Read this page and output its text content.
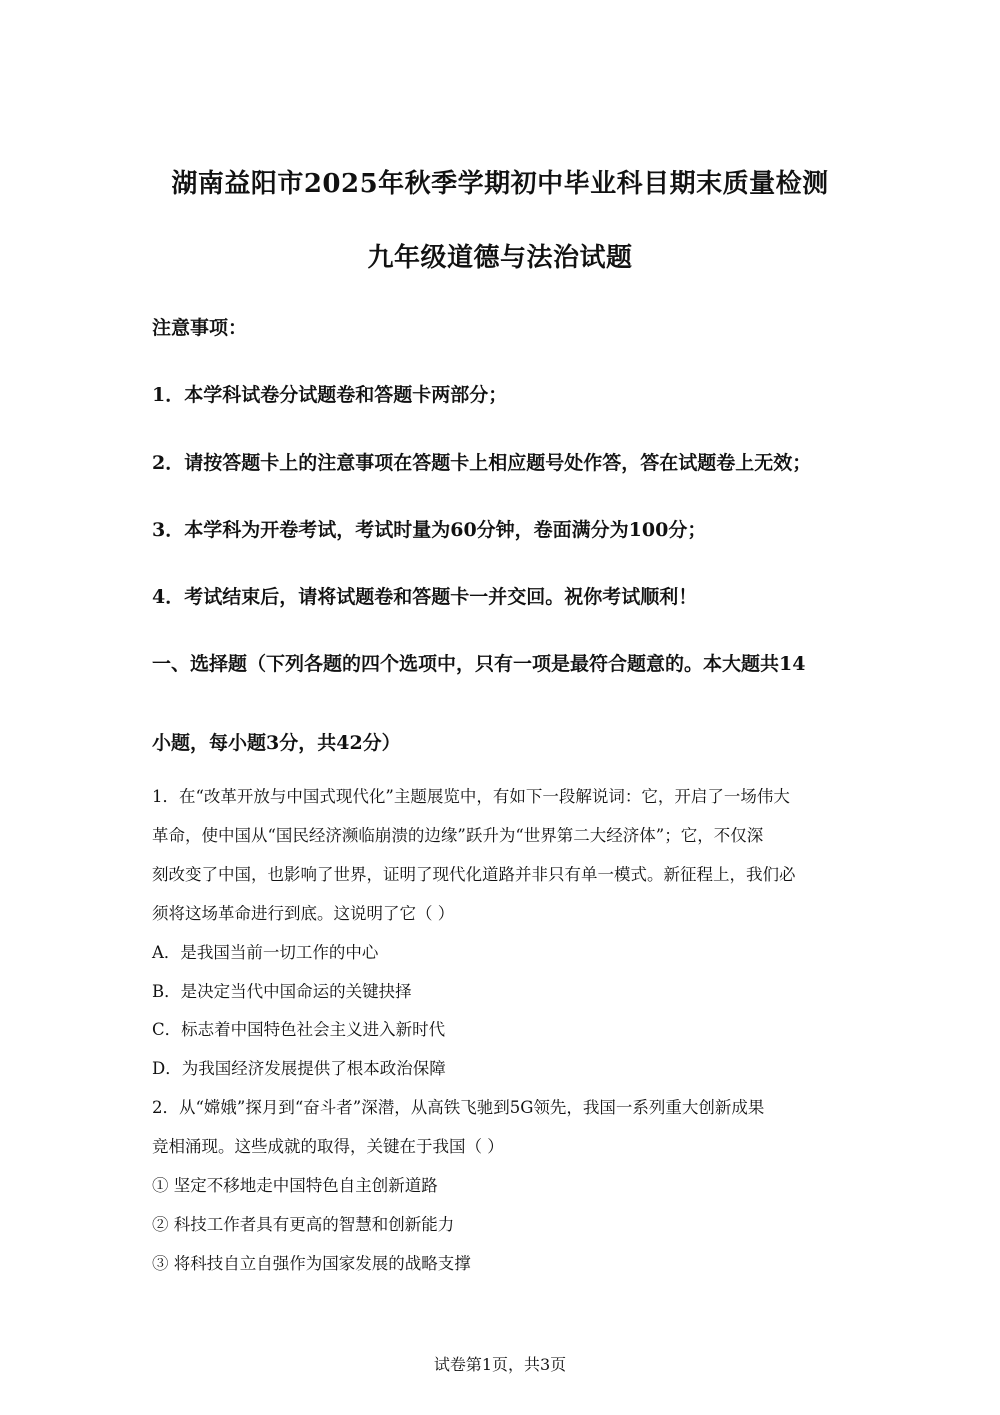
湖南益阳市2025年秋季学期初中毕业科目期末质量检测
九年级道德与法治试题
注意事项：
1．本学科试卷分试题卷和答题卡两部分；
2．请按答题卡上的注意事项在答题卡上相应题号处作答，答在试题卷上无效；
3．本学科为开卷考试，考试时量为60分钟，卷面满分为100分；
4．考试结束后，请将试题卷和答题卡一并交回。祝你考试顺利！
一、选择题（下列各题的四个选项中，只有一项是最符合题意的。本大题共14
小题，每小题3分，共42分）
1．在“改革开放与中国式现代化”主题展览中，有如下一段解说词：它，开启了一场伟大
革命，使中国从“国民经济濒临崩溃的边缘”跃升为“世界第二大经济体”；它，不仅深
刻改变了中国，也影响了世界，证明了现代化道路并非只有单一模式。新征程上，我们必
须将这场革命进行到底。这说明了它（ ）
A．是我国当前一切工作的中心
B．是决定当代中国命运的关键抉择
C．标志着中国特色社会主义进入新时代
D．为我国经济发展提供了根本政治保障
2．从“嫦娥”探月到“奋斗者”深潜，从高铁飞驰到5G领先，我国一系列重大创新成果
竞相涌现。这些成就的取得，关键在于我国（ ）
① 坚定不移地走中国特色自主创新道路
② 科技工作者具有更高的智慧和创新能力
③ 将科技自立自强作为国家发展的战略支撑
试卷第1页，共3页
